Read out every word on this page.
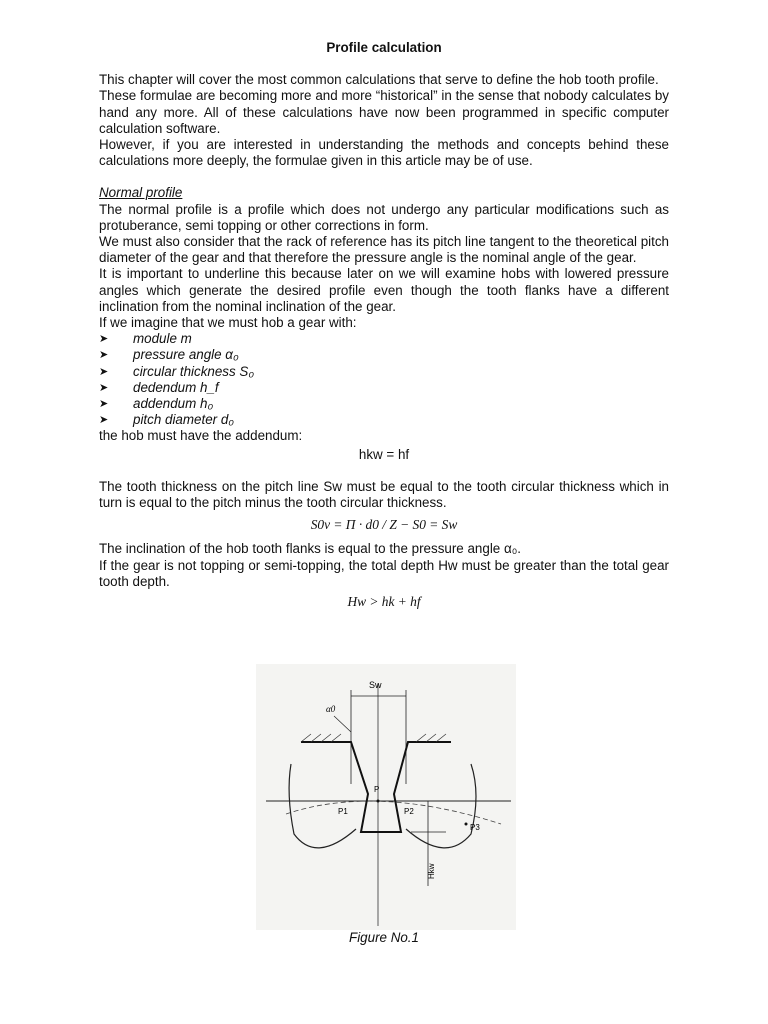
Profile calculation

This chapter will cover the most common calculations that serve to define the hob tooth profile.

These formulae are becoming more and more “historical” in the sense that nobody calculates by hand any more. All of these calculations have now been programmed in specific computer calculation software.

However, if you are interested in understanding the methods and concepts behind these calculations more deeply, the formulae given in this article may be of use.

Normal profile

The normal profile is a profile which does not undergo any particular modifications such as protuberance, semi topping or other corrections in form.

We must also consider that the rack of reference has its pitch line tangent to the theoretical pitch diameter of the gear and that therefore the pressure angle is the nominal angle of the gear.

It is important to underline this because later on we will examine hobs with lowered pressure angles which generate the desired profile even though the tooth flanks have a different inclination from the nominal inclination of the gear.

If we imagine that we must hob a gear with:

➤ module m
➤ pressure angle α₀
➤ circular thickness S₀
➤ dedendum h_f
➤ addendum h₀
➤ pitch diameter d₀

the hob must have the addendum:

hkw = hf

The tooth thickness on the pitch line Sw must be equal to the tooth circular thickness which in turn is equal to the pitch minus the tooth circular thickness.

S0v = Π · d0 / Z − S0 = Sw

The inclination of the hob tooth flanks is equal to the pressure angle α₀.

If the gear is not topping or semi-topping, the total depth Hw must be greater than the total gear tooth depth.

Hw > hk + hf

Sw
α0
Hkw
P
P1	P2
P3
Figure No.1
